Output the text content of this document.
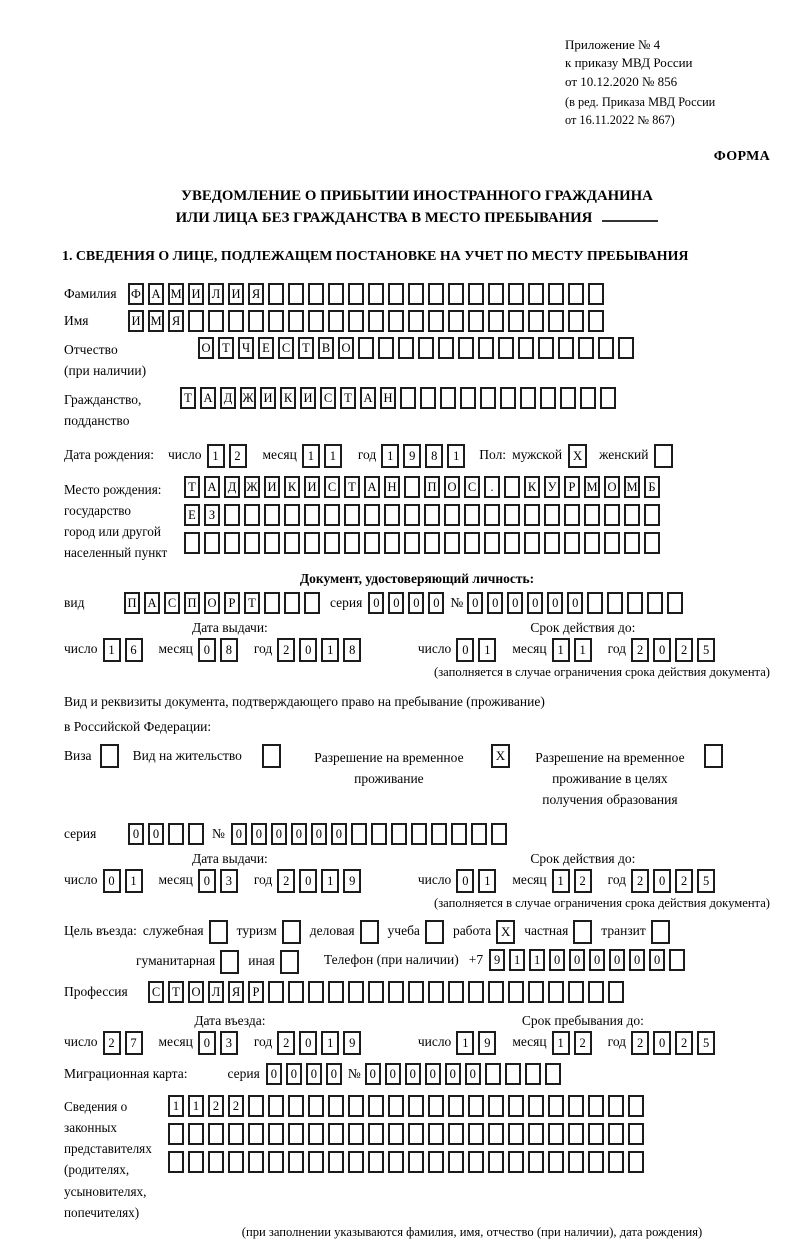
Приложение № 4
к приказу МВД России
от 10.12.2020 № 856
(в ред. Приказа МВД России
от 16.11.2022 № 867)
ФОРМА
УВЕДОМЛЕНИЕ О ПРИБЫТИИ ИНОСТРАННОГО ГРАЖДАНИНА
ИЛИ ЛИЦА БЕЗ ГРАЖДАНСТВА В МЕСТО ПРЕБЫВАНИЯ
1. СВЕДЕНИЯ О ЛИЦЕ, ПОДЛЕЖАЩЕМ ПОСТАНОВКЕ НА УЧЕТ ПО МЕСТУ ПРЕБЫВАНИЯ
Фамилия	Ф А М И Л И Я
Имя	И М Я
Отчество
(при наличии)
О Т Ч Е С Т В О
Гражданство,
подданство
Т А Д Ж И К И С Т А Н
Дата рождения:	число 1 2 месяц 1 1 год 1 9 8 1	Пол: мужской X	женский
Место рождения:
государство
город или другой
населенный пункт
Т А Д Ж И К И С Т А Н П О С .	К У Р М О М Б
Е З
Документ, удостоверяющий личность:
вид	П А С П О Р Т	серия 0 0 0 0 № 0 0 0 0 0 0
Дата выдачи:
число 1 6 месяц 0 8 год 2 0 1 8
Срок действия до:
число 0 1 месяц 1 1 год 2 0 2 5
(заполняется в случае ограничения срока действия документа)
Вид и реквизиты документа, подтверждающего право на пребывание (проживание)
в Российской Федерации:
Виза	Вид на жительство	Разрешение на временное
проживание
X	Разрешение на временное
проживание в целях
получения образования
серия	0 0	№ 0 0 0 0 0 0
Дата выдачи:
число 0 1 месяц 0 3 год 2 0 1 9
Срок действия до:
число 0 1 месяц 1 2 год 2 0 2 5
(заполняется в случае ограничения срока действия документа)
Цель въезда: служебная туризм деловая учеба работа X частная транзит
гуманитарная иная	Телефон (при наличии) +7 9 1 1 0 0 0 0 0 0
Профессия	С Т О Л Я Р
Дата въезда:
число 2 7 месяц 0 3 год 2 0 1 9
Срок пребывания до:
число 1 9 месяц 1 2 год 2 0 2 5
Миграционная карта:	серия 0 0 0 0 № 0 0 0 0 0 0
Сведения о
законных
представителях
(родителях,
усыновителях,
попечителях)
1 1 2 2
(при заполнении указываются фамилия, имя, отчество (при наличии), дата рождения)
